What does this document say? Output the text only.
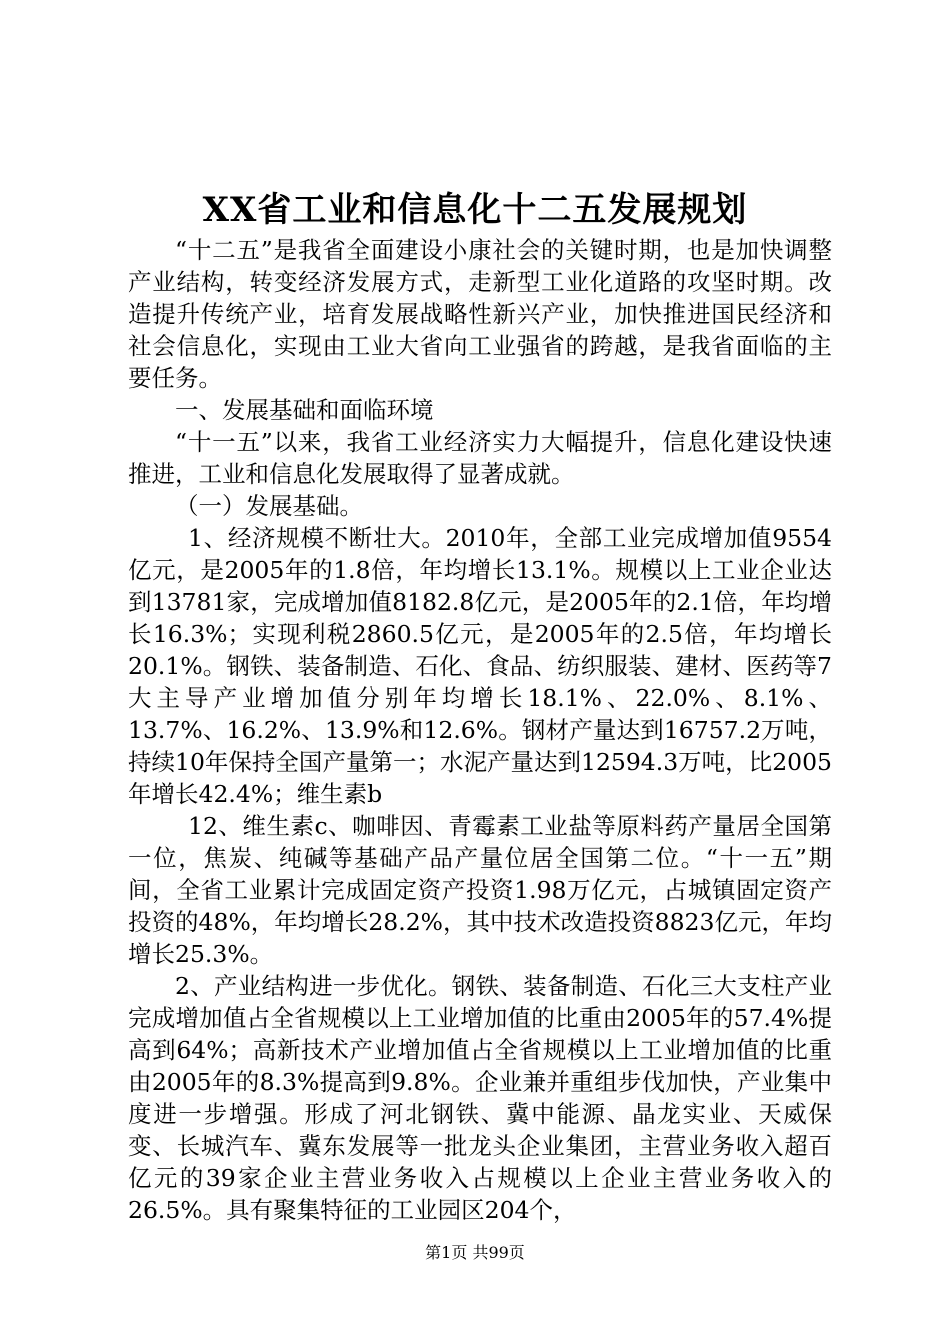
XX省工业和信息化十二五发展规划

“十二五”是我省全面建设小康社会的关键时期，也是加快调整产业结构，转变经济发展方式，走新型工业化道路的攻坚时期。改造提升传统产业，培育发展战略性新兴产业，加快推进国民经济和社会信息化，实现由工业大省向工业强省的跨越，是我省面临的主要任务。

一、发展基础和面临环境

“十一五”以来，我省工业经济实力大幅提升，信息化建设快速推进，工业和信息化发展取得了显著成就。

（一）发展基础。

1、经济规模不断壮大。2010年，全部工业完成增加值9554亿元，是2005年的1.8倍，年均增长13.1%。规模以上工业企业达到13781家，完成增加值8182.8亿元，是2005年的2.1倍，年均增长16.3%；实现利税2860.5亿元，是2005年的2.5倍，年均增长20.1%。钢铁、装备制造、石化、食品、纺织服装、建材、医药等7大主导产业增加值分别年均增长18.1%、22.0%、8.1%、13.7%、16.2%、13.9%和12.6%。钢材产量达到16757.2万吨，持续10年保持全国产量第一；水泥产量达到12594.3万吨，比2005年增长42.4%；维生素b

12、维生素c、咖啡因、青霉素工业盐等原料药产量居全国第一位，焦炭、纯碱等基础产品产量位居全国第二位。“十一五”期间，全省工业累计完成固定资产投资1.98万亿元，占城镇固定资产投资的48%，年均增长28.2%，其中技术改造投资8823亿元，年均增长25.3%。

2、产业结构进一步优化。钢铁、装备制造、石化三大支柱产业完成增加值占全省规模以上工业增加值的比重由2005年的57.4%提高到64%；高新技术产业增加值占全省规模以上工业增加值的比重由2005年的8.3%提高到9.8%。企业兼并重组步伐加快，产业集中度进一步增强。形成了河北钢铁、冀中能源、晶龙实业、天威保变、长城汽车、冀东发展等一批龙头企业集团，主营业务收入超百亿元的39家企业主营业务收入占规模以上企业主营业务收入的26.5%。具有聚集特征的工业园区204个，

第1页 共99页
